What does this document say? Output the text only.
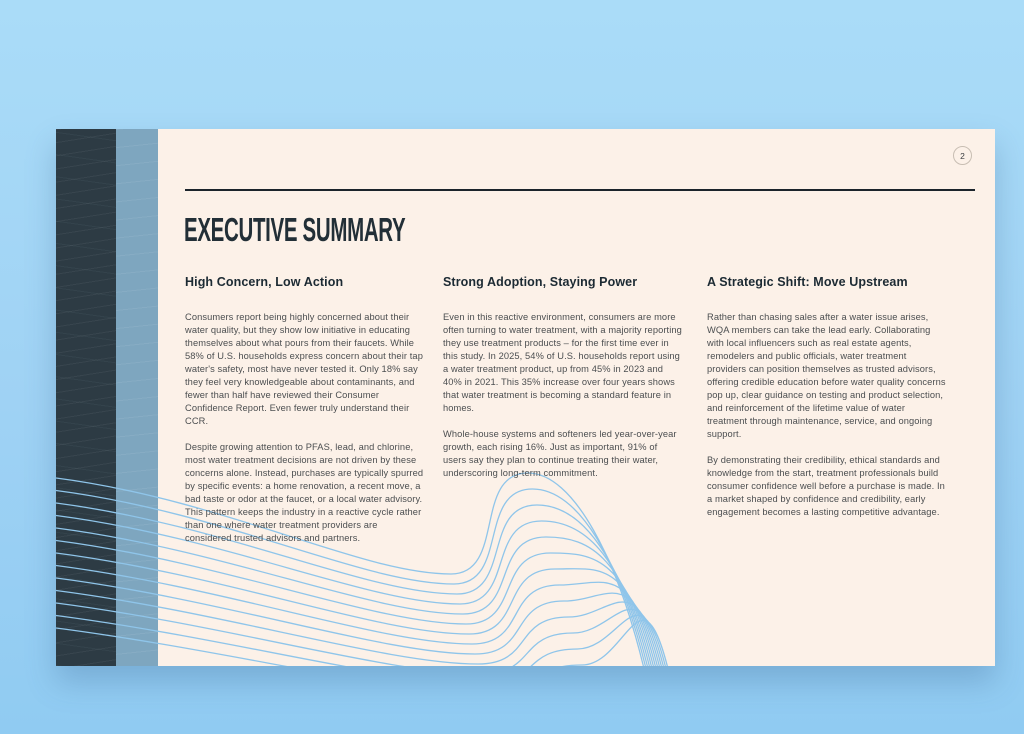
2
EXECUTIVE SUMMARY
High Concern, Low Action

Consumers report being highly concerned about their water quality, but they show low initiative in educating themselves about what pours from their faucets. While 58% of U.S. households express concern about their tap water's safety, most have never tested it. Only 18% say they feel very knowledgeable about contaminants, and fewer than half have reviewed their Consumer Confidence Report. Even fewer truly understand their CCR.

Despite growing attention to PFAS, lead, and chlorine, most water treatment decisions are not driven by these concerns alone. Instead, purchases are typically spurred by specific events: a home renovation, a recent move, a bad taste or odor at the faucet, or a local water advisory. This pattern keeps the industry in a reactive cycle rather than one where water treatment providers are considered trusted advisors and partners.

Strong Adoption, Staying Power

Even in this reactive environment, consumers are more often turning to water treatment, with a majority reporting they use treatment products – for the first time ever in this study. In 2025, 54% of U.S. households report using a water treatment product, up from 45% in 2023 and 40% in 2021. This 35% increase over four years shows that water treatment is becoming a standard feature in homes.

Whole-house systems and softeners led year-over-year growth, each rising 16%. Just as important, 91% of users say they plan to continue treating their water, underscoring long-term commitment.

A Strategic Shift: Move Upstream

Rather than chasing sales after a water issue arises, WQA members can take the lead early. Collaborating with local influencers such as real estate agents, remodelers and public officials, water treatment providers can position themselves as trusted advisors, offering credible education before water quality concerns pop up, clear guidance on testing and product selection, and reinforcement of the lifetime value of water treatment through maintenance, service, and ongoing support.

By demonstrating their credibility, ethical standards and knowledge from the start, treatment professionals build consumer confidence well before a purchase is made. In a market shaped by confidence and credibility, early engagement becomes a lasting competitive advantage.
